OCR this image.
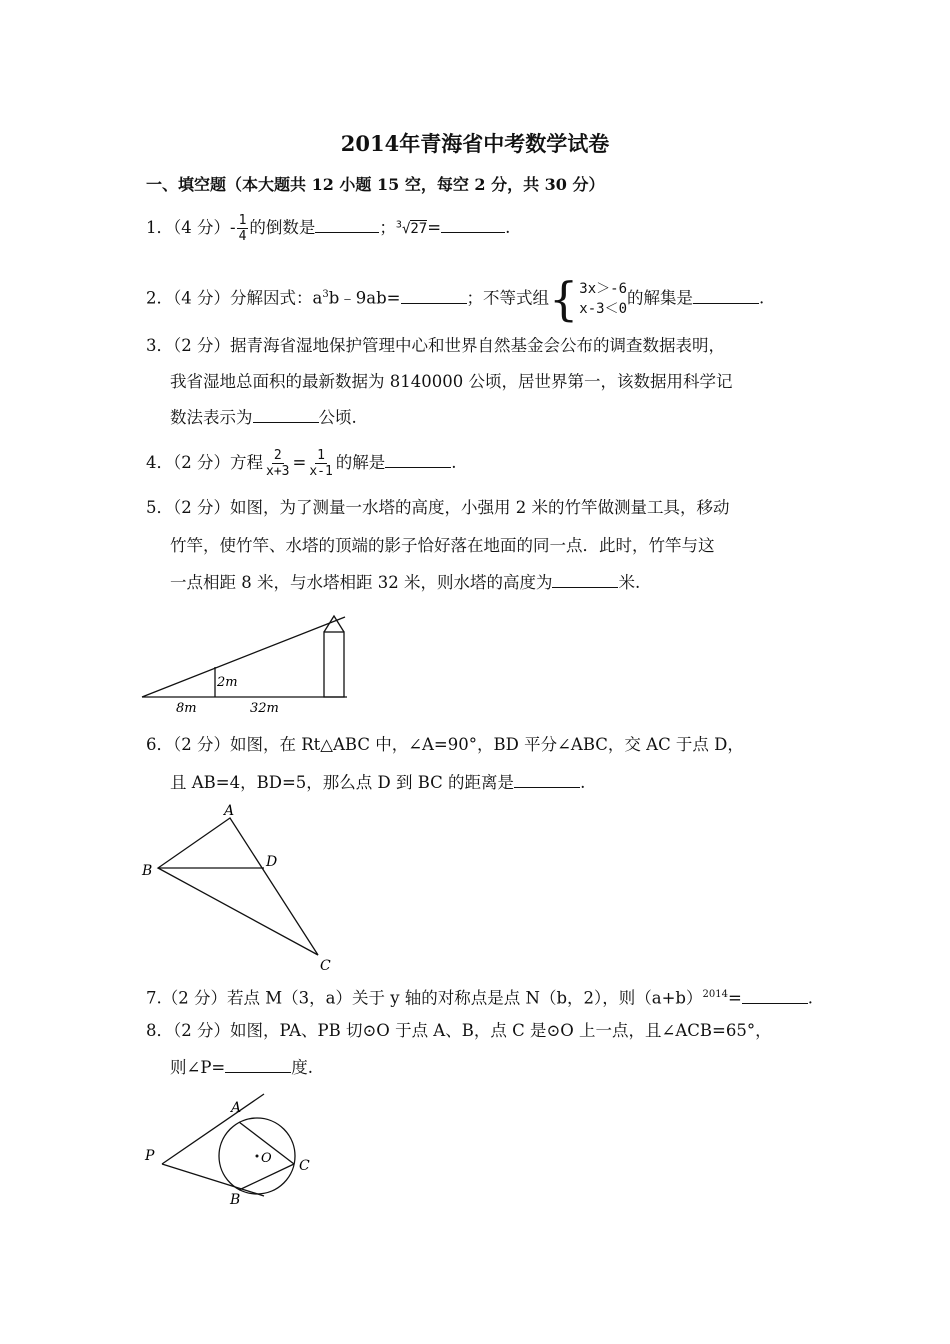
2014年青海省中考数学试卷
一、填空题（本大题共 12 小题 15 空，每空 2 分，共 30 分）
1．（4 分）- $\frac{1}{4}$ 的倒数是	；$^3$√27=	.
2．（4 分）分解因式：$a^3b﹣9ab=$	；不等式组 { 3x＞-6
x-3＜0
的解集是	.
3．（2 分）据青海省湿地保护管理中心和世界自然基金会公布的调查数据表明，
我省湿地总面积的最新数据为 8140000 公顷，居世界第一，该数据用科学记
数法表示为	公顷.
4．（2 分）方程 $\frac{2}{x+3} = \frac{1}{x-1}$ 的解是	.
5．（2 分）如图，为了测量一水塔的高度，小强用 2 米的竹竿做测量工具，移动
竹竿，使竹竿、水塔的顶端的影子恰好落在地面的同一点．此时，竹竿与这
一点相距 8 米，与水塔相距 32 米，则水塔的高度为	米.
2m
8m	32m
6．（2 分）如图，在 Rt△ABC 中，∠A=90°，BD 平分∠ABC，交 AC 于点 D，
且 AB=4，BD=5，那么点 D 到 BC 的距离是	.
A
B
D
C
7.（2 分）若点 M（3，a）关于 y 轴的对称点是点 N（b，2），则$(a+b)^{2014}=$	.
8．（2 分）如图，PA、PB 切⊙O 于点 A、B，点 C 是⊙O 上一点，且∠ACB=65°，
则∠P=	度.
A
P	O C
B
